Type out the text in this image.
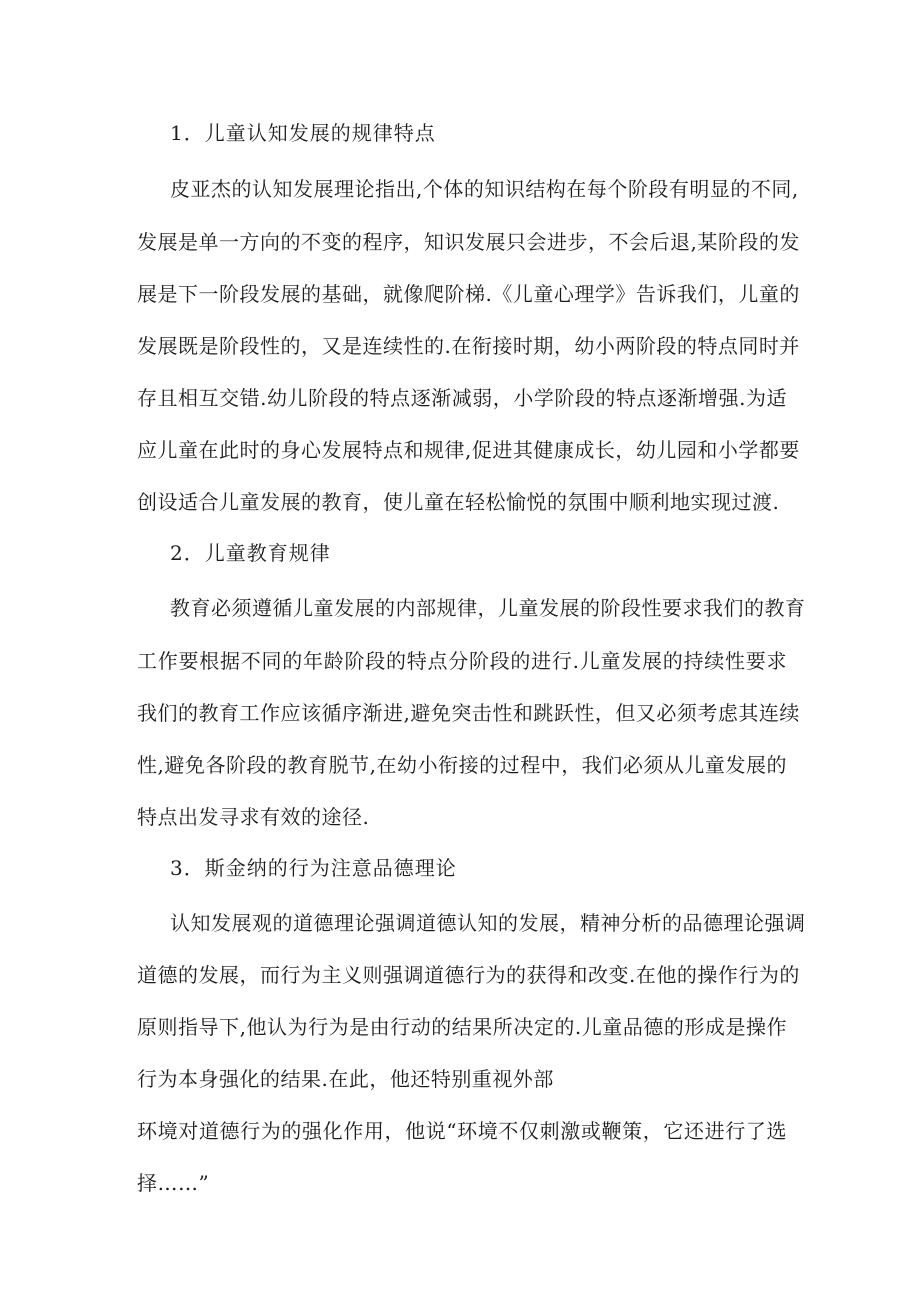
1．儿童认知发展的规律特点
皮亚杰的认知发展理论指出,个体的知识结构在每个阶段有明显的不同,
发展是单一方向的不变的程序，知识发展只会进步，不会后退,某阶段的发
展是下一阶段发展的基础，就像爬阶梯.《儿童心理学》告诉我们，儿童的
发展既是阶段性的，又是连续性的.在衔接时期，幼小两阶段的特点同时并
存且相互交错.幼儿阶段的特点逐渐减弱，小学阶段的特点逐渐增强.为适
应儿童在此时的身心发展特点和规律,促进其健康成长，幼儿园和小学都要
创设适合儿童发展的教育，使儿童在轻松愉悦的氛围中顺利地实现过渡.
2．儿童教育规律
教育必须遵循儿童发展的内部规律，儿童发展的阶段性要求我们的教育
工作要根据不同的年龄阶段的特点分阶段的进行.儿童发展的持续性要求
我们的教育工作应该循序渐进,避免突击性和跳跃性，但又必须考虑其连续
性,避免各阶段的教育脱节,在幼小衔接的过程中，我们必须从儿童发展的
特点出发寻求有效的途径.
3．斯金纳的行为注意品德理论
认知发展观的道德理论强调道德认知的发展，精神分析的品德理论强调
道德的发展，而行为主义则强调道德行为的获得和改变.在他的操作行为的
原则指导下,他认为行为是由行动的结果所决定的.儿童品德的形成是操作
行为本身强化的结果.在此，他还特别重视外部
环境对道德行为的强化作用，他说“环境不仅刺激或鞭策，它还进行了选
择……”
